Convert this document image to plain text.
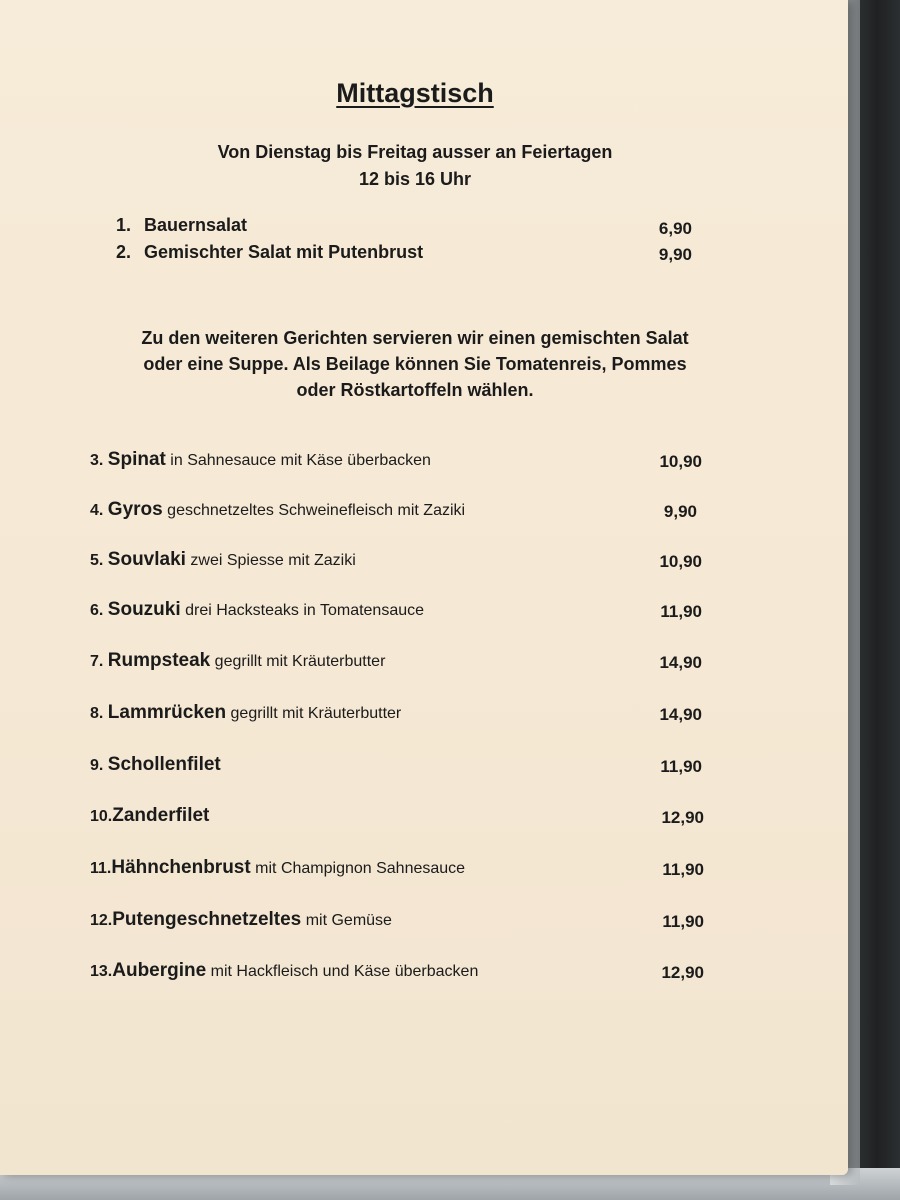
Mittagstisch
Von Dienstag bis Freitag ausser an Feiertagen
12 bis 16 Uhr
1. Bauernsalat	6,90
2. Gemischter Salat mit Putenbrust	9,90
Zu den weiteren Gerichten servieren wir einen gemischten Salat
oder eine Suppe. Als Beilage können Sie Tomatenreis, Pommes
oder Röstkartoffeln wählen.
3. Spinat in Sahnesauce mit Käse überbacken	10,90
4. Gyros geschnetzeltes Schweinefleisch mit Zaziki	9,90
5. Souvlaki zwei Spiesse mit Zaziki	10,90
6. Souzuki drei Hacksteaks in Tomatensauce	11,90
7. Rumpsteak gegrillt mit Kräuterbutter	14,90
8. Lammrücken gegrillt mit Kräuterbutter	14,90
9. Schollenfilet	11,90
10.Zanderfilet	12,90
11.Hähnchenbrust mit Champignon Sahnesauce	11,90
12.Putengeschnetzeltes mit Gemüse	11,90
13.Aubergine mit Hackfleisch und Käse überbacken	12,90
